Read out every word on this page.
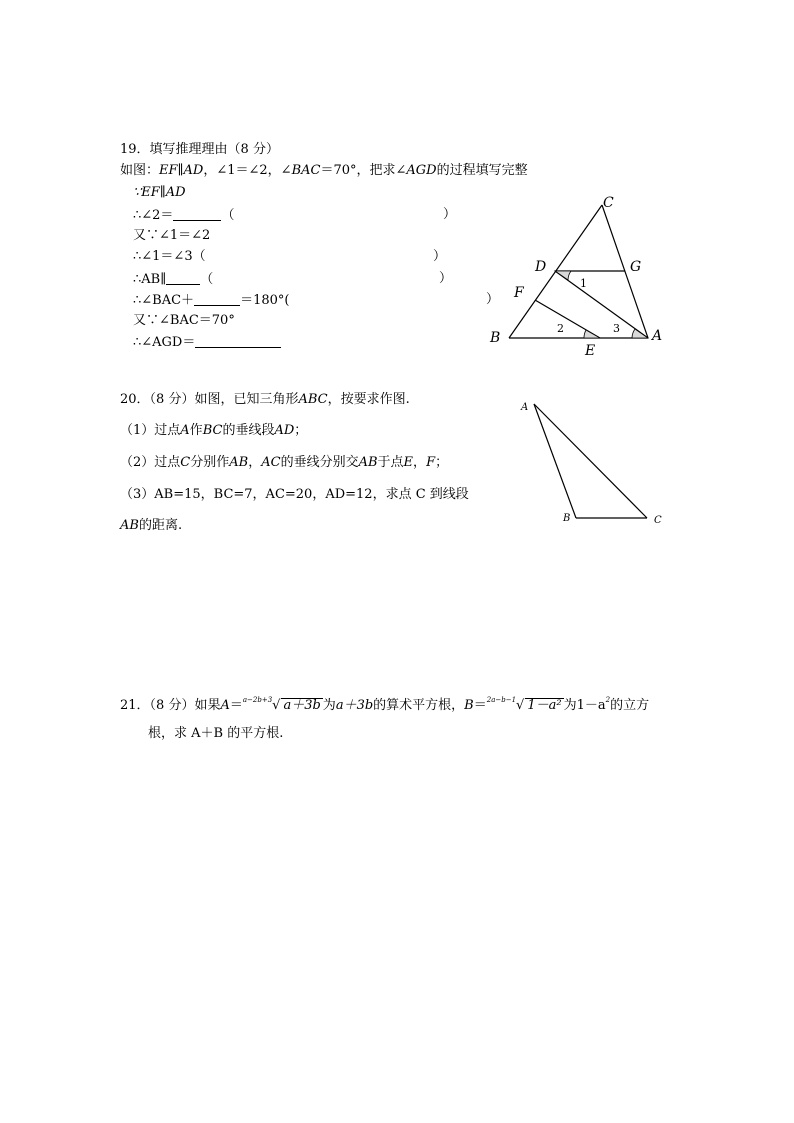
19．填写推理理由（8 分）
如图：EF∥AD，∠1＝∠2，∠BAC＝70°，把求∠AGD的过程填写完整
∵EF∥AD
∴∠2＝	（	）
又∵∠1＝∠2
∴∠1＝∠3（	）
∴AB∥	（	）
∴∠BAC＋	＝180°(	）
又∵∠BAC＝70°
∴∠AGD＝
C
D	G
F
B	A
E
1
2	3
20．（8 分）如图，已知三角形ABC，按要求作图.
（1）过点A作BC的垂线段AD；
（2）过点C分别作AB，AC的垂线分别交AB于点E，F；
（3）AB=15，BC=7，AC=20，AD=12，求点 C 到线段
AB的距离.
A
B	C
21．（8 分）如果A＝$^{a-2b+3}$√ a＋3b 为a＋3b的算术平方根，B＝$^{2a-b-1}$√ 1－a² 为$1-a^2$的立方
根，求 A＋B 的平方根.
